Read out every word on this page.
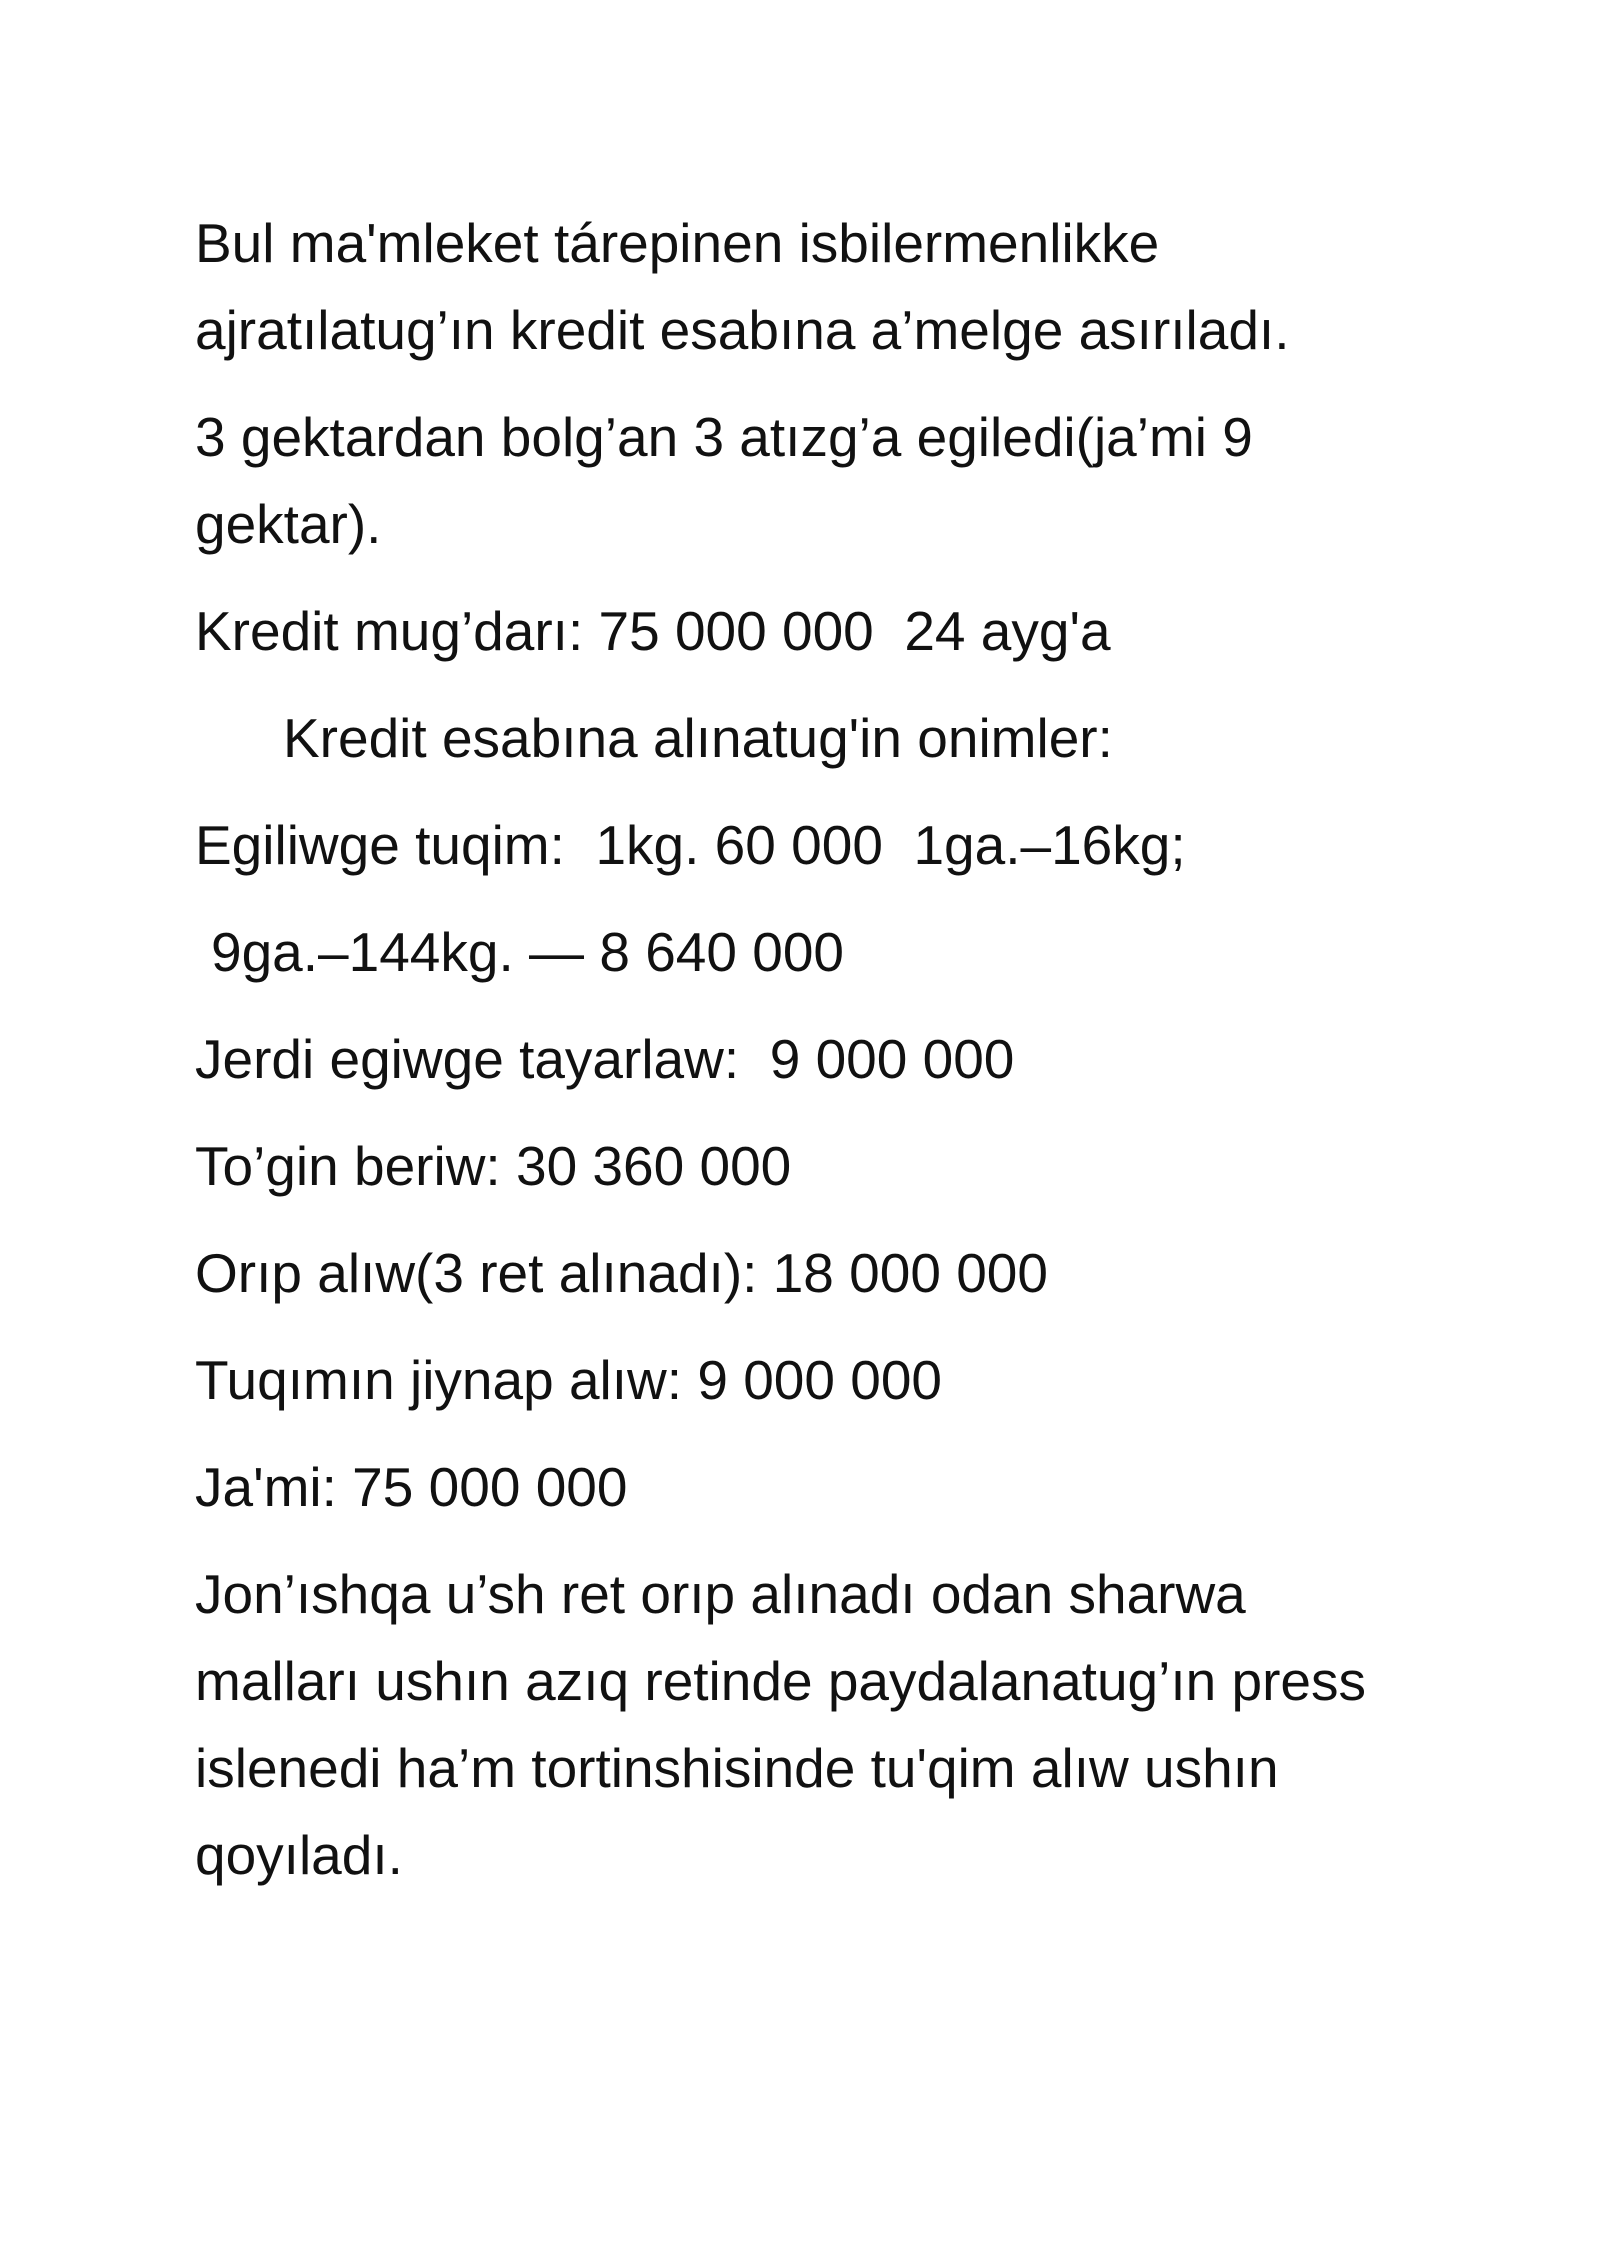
Bul ma'mleket tárepinen isbilermenlikke ajratılatug’ın kredit esabına a’melge asırıladı.

3 gektardan bolg’an 3 atızg’a egiledi(ja’mi 9 gektar).

Kredit mug’darı: 75 000 000  24 ayg'a

Kredit esabına alınatug'in onimler:

Egiliwge tuqim:  1kg. 60 000  1ga.–16kg;

9ga.–144kg. — 8 640 000

Jerdi egiwge tayarlaw:  9 000 000

To’gin beriw: 30 360 000

Orıp alıw(3 ret alınadı): 18 000 000

Tuqımın jiynap alıw: 9 000 000

Ja'mi: 75 000 000

Jon’ıshqa u’sh ret orıp alınadı odan sharwa malları ushın azıq retinde paydalanatug’ın press islenedi ha’m tortinshisinde tu'qim alıw ushın qoyıladı.
